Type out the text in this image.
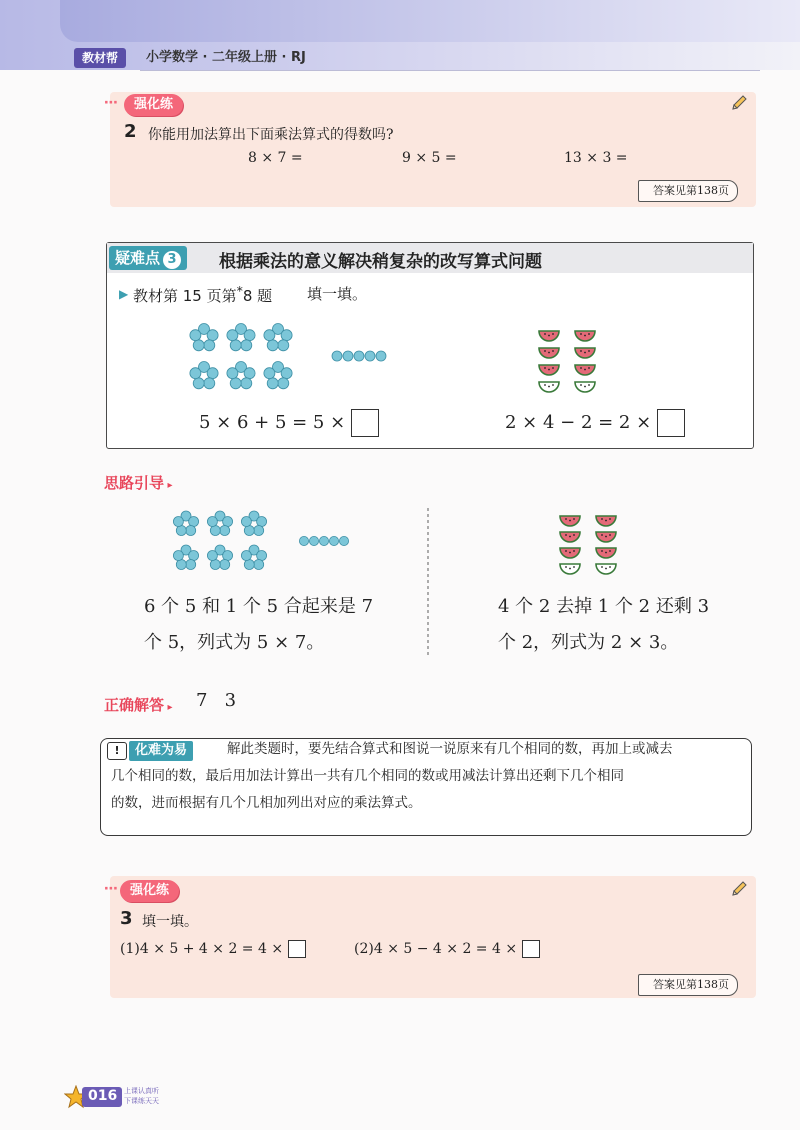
教材帮	小学数学 · 二年级上册 · RJ
⋯	强化练
2 你能用加法算出下面乘法算式的得数吗?
8 × 7 =	9 × 5 =	13 × 3 =
答案见第138页
疑难点 3	根据乘法的意义解决稍复杂的改写算式问题
▶ 教材第 15 页第*8 题 填一填。
5 × 6 + 5 = 5 ×	2 × 4 − 2 = 2 ×
思路引导 ▸
6 个 5 和 1 个 5 合起来是 7
个 5，列式为 5 × 7。
4 个 2 去掉 1 个 2 还剩 3
个 2，列式为 2 × 3。
正确解答 ▸ 7   3
!	化难为易	解此类题时，要先结合算式和图说一说原来有几个相同的数，再加上或减去
几个相同的数，最后用加法计算出一共有几个相同的数或用减法计算出还剩下几个相同
的数，进而根据有几个几相加列出对应的乘法算式。
⋯ 强化练
3 填一填。
(1)4 × 5 + 4 × 2 = 4 ×	(2)4 × 5 − 4 × 2 = 4 ×
答案见第138页
016 上课认真听
下课练天天
